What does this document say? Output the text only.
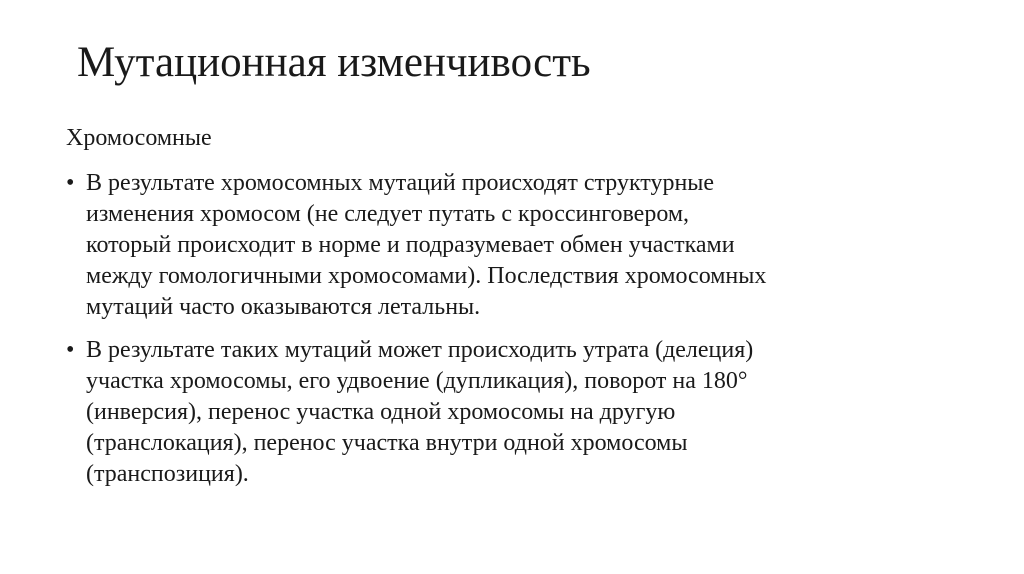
Мутационная изменчивость

Хромосомные

• В результате хромосомных мутаций происходят структурные
изменения хромосом (не следует путать с кроссинговером,
который происходит в норме и подразумевает обмен участками
между гомологичными хромосомами). Последствия хромосомных
мутаций часто оказываются летальны.
• В результате таких мутаций может происходить утрата (делеция)
участка хромосомы, его удвоение (дупликация), поворот на 180°
(инверсия), перенос участка одной хромосомы на другую
(транслокация), перенос участка внутри одной хромосомы
(транспозиция).
